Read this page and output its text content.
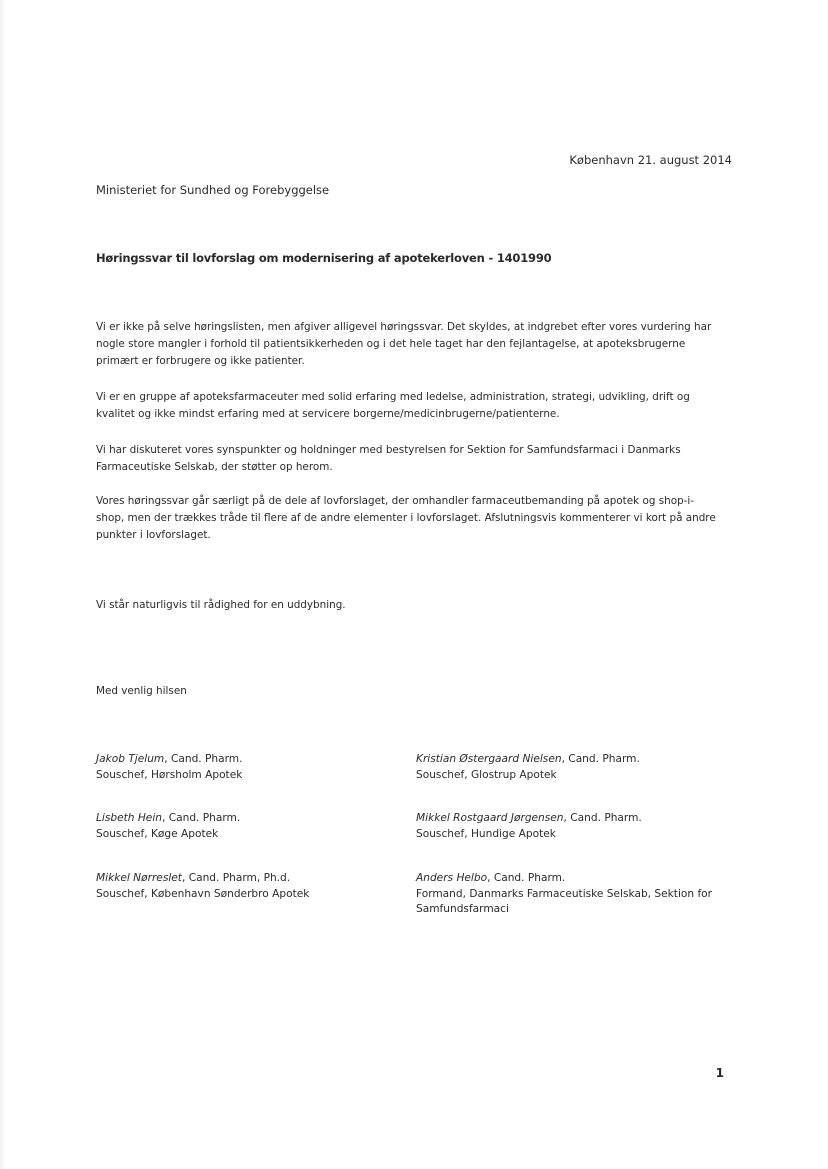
København 21. august 2014
Ministeriet for Sundhed og Forebyggelse
Høringssvar til lovforslag om modernisering af apotekerloven - 1401990

Vi er ikke på selve høringslisten, men afgiver alligevel høringssvar. Det skyldes, at indgrebet efter vores vurdering har nogle store mangler i forhold til patientsikkerheden og i det hele taget har den fejlantagelse, at apoteksbrugerne primært er forbrugere og ikke patienter.

Vi er en gruppe af apoteksfarmaceuter med solid erfaring med ledelse, administration, strategi, udvikling, drift og kvalitet og ikke mindst erfaring med at servicere borgerne/medicinbrugerne/patienterne.

Vi har diskuteret vores synspunkter og holdninger med bestyrelsen for Sektion for Samfundsfarmaci i Danmarks Farmaceutiske Selskab, der støtter op herom.

Vores høringssvar går særligt på de dele af lovforslaget, der omhandler farmaceutbemanding på apotek og shop-i-shop, men der trækkes tråde til flere af de andre elementer i lovforslaget. Afslutningsvis kommenterer vi kort på andre punkter i lovforslaget.

Vi står naturligvis til rådighed for en uddybning.

Med venlig hilsen

Jakob Tjelum, Cand. Pharm.
Souschef, Hørsholm Apotek
Kristian Østergaard Nielsen, Cand. Pharm.
Souschef, Glostrup Apotek
Lisbeth Hein, Cand. Pharm.
Souschef, Køge Apotek
Mikkel Rostgaard Jørgensen, Cand. Pharm.
Souschef, Hundige Apotek
Mikkel Nørreslet, Cand. Pharm, Ph.d.
Souschef, København Sønderbro Apotek
Anders Helbo, Cand. Pharm.
Formand, Danmarks Farmaceutiske Selskab, Sektion for Samfundsfarmaci
1
